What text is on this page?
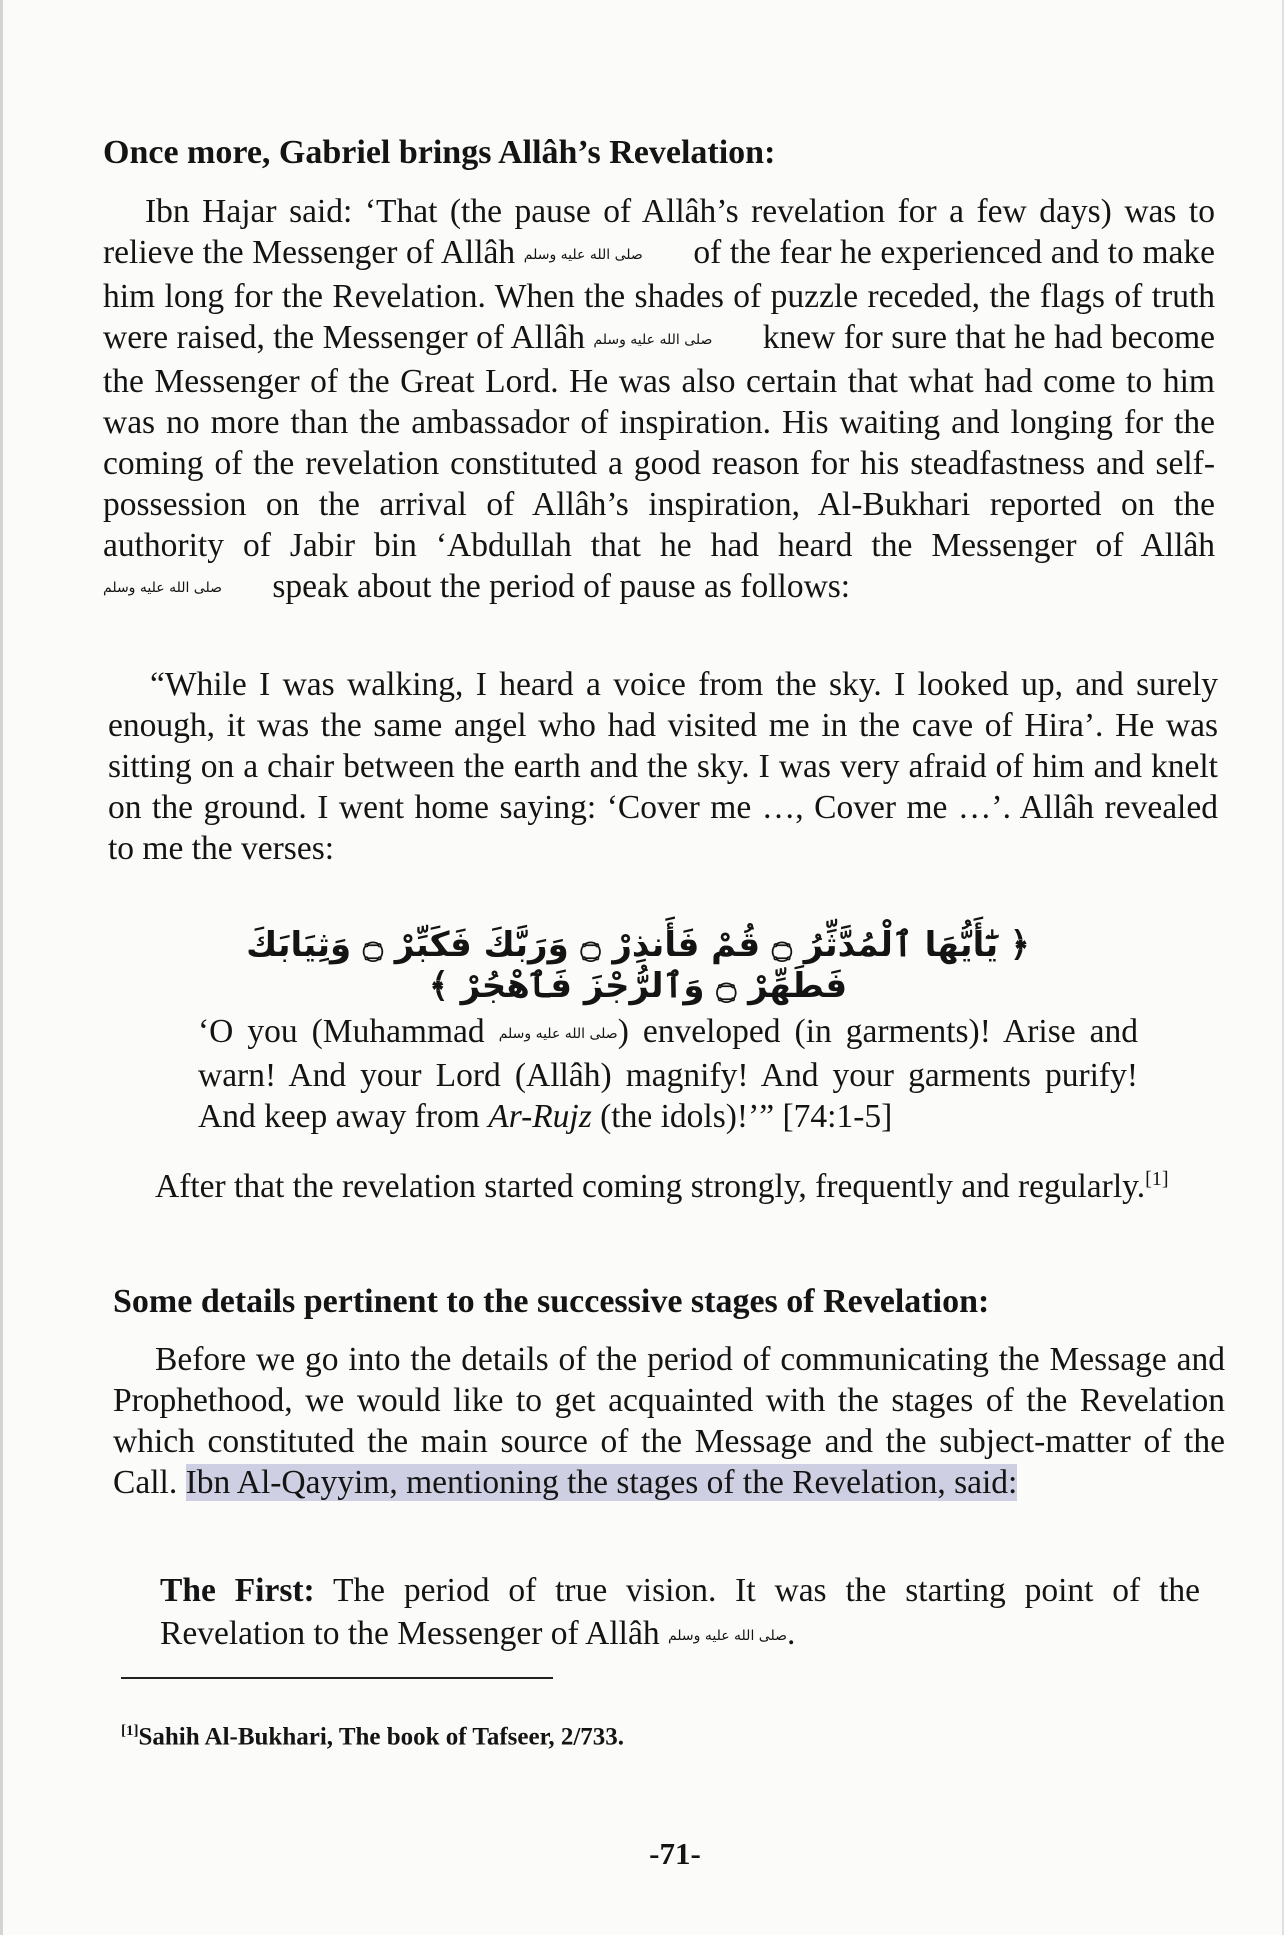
Once more, Gabriel brings Allâh’s Revelation:

Ibn Hajar said: ‘That (the pause of Allâh’s revelation for a few days) was to relieve the Messenger of Allâh صلى الله عليه وسلم of the fear he experienced and to make him long for the Revelation. When the shades of puzzle receded, the flags of truth were raised, the Messenger of Allâh صلى الله عليه وسلم knew for sure that he had become the Messenger of the Great Lord. He was also certain that what had come to him was no more than the ambassador of inspiration. His waiting and longing for the coming of the revelation constituted a good reason for his steadfastness and self-possession on the arrival of Allâh’s inspiration, Al-Bukhari reported on the authority of Jabir bin ‘Abdullah that he had heard the Messenger of Allâh صلى الله عليه وسلم speak about the period of pause as follows:

“While I was walking, I heard a voice from the sky. I looked up, and surely enough, it was the same angel who had visited me in the cave of Hira’. He was sitting on a chair between the earth and the sky. I was very afraid of him and knelt on the ground. I went home saying: ‘Cover me …, Cover me …’. Allâh revealed to me the verses:

﴿ يَٰٓأَيُّهَا ٱلْمُدَّثِّرُ ۝ قُمْ فَأَنذِرْ ۝ وَرَبَّكَ فَكَبِّرْ ۝ وَثِيَابَكَ فَطَهِّرْ ۝ وَٱلرُّجْزَ فَٱهْجُرْ ﴾

‘O you (Muhammad صلى الله عليه وسلم) enveloped (in garments)! Arise and warn! And your Lord (Allâh) magnify! And your garments purify! And keep away from Ar-Rujz (the idols)!’” [74:1-5]

After that the revelation started coming strongly, frequently and regularly.[1]

Some details pertinent to the successive stages of Revelation:

Before we go into the details of the period of communicating the Message and Prophethood, we would like to get acquainted with the stages of the Revelation which constituted the main source of the Message and the subject-matter of the Call. Ibn Al-Qayyim, mentioning the stages of the Revelation, said:

The First: The period of true vision. It was the starting point of the Revelation to the Messenger of Allâh صلى الله عليه وسلم.

[1]Sahih Al-Bukhari, The book of Tafseer, 2/733.
-71-
